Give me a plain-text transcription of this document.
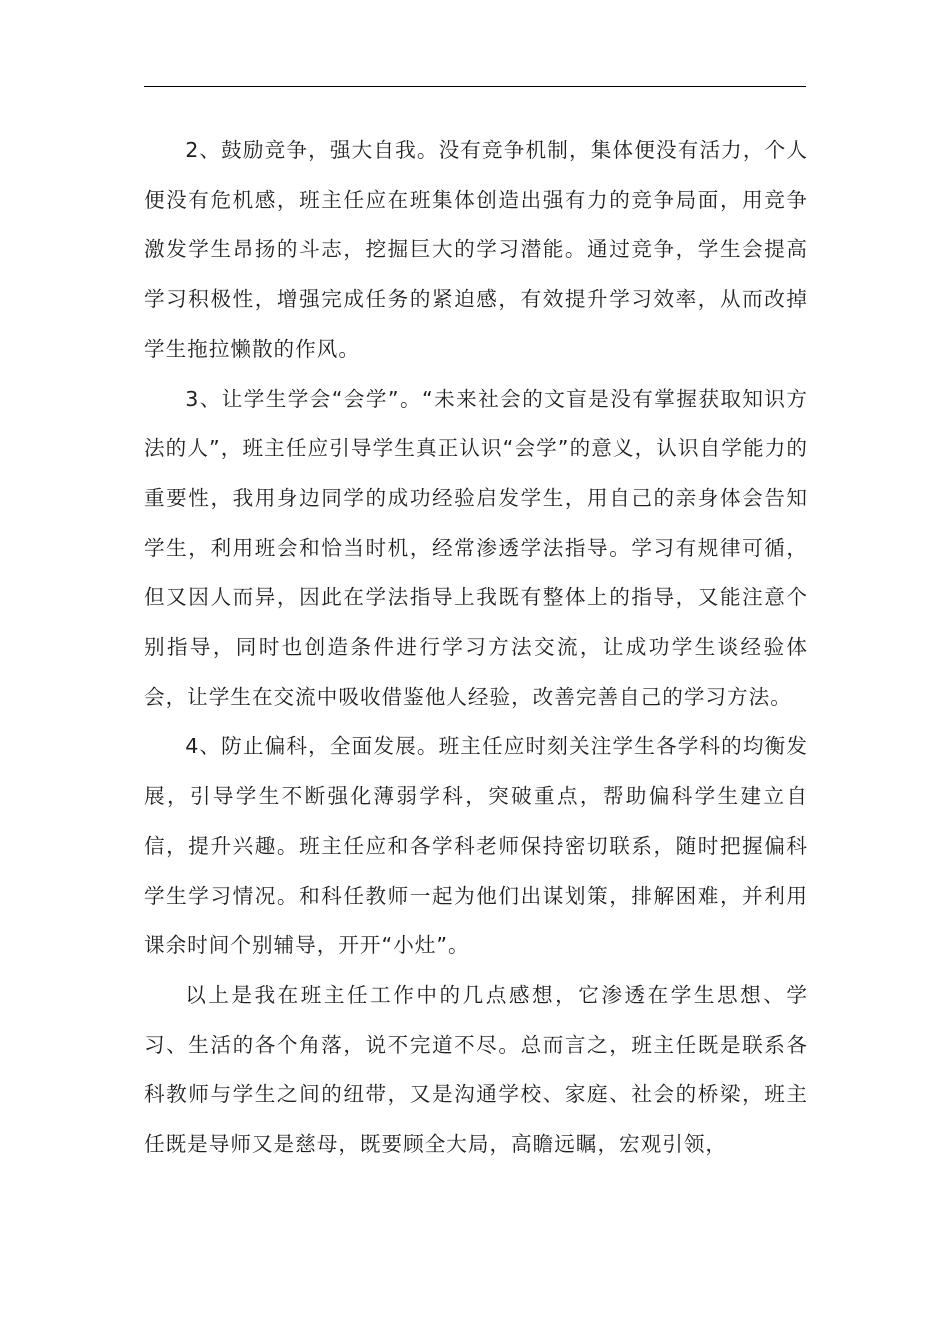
2、鼓励竞争，强大自我。没有竞争机制，集体便没有活力，个人便没有危机感，班主任应在班集体创造出强有力的竞争局面，用竞争激发学生昂扬的斗志，挖掘巨大的学习潜能。通过竞争，学生会提高学习积极性，增强完成任务的紧迫感，有效提升学习效率，从而改掉学生拖拉懒散的作风。

3、让学生学会“会学”。“未来社会的文盲是没有掌握获取知识方法的人”，班主任应引导学生真正认识“会学”的意义，认识自学能力的重要性，我用身边同学的成功经验启发学生，用自己的亲身体会告知学生，利用班会和恰当时机，经常渗透学法指导。学习有规律可循，但又因人而异，因此在学法指导上我既有整体上的指导，又能注意个别指导，同时也创造条件进行学习方法交流，让成功学生谈经验体会，让学生在交流中吸收借鉴他人经验，改善完善自己的学习方法。

4、防止偏科，全面发展。班主任应时刻关注学生各学科的均衡发展，引导学生不断强化薄弱学科，突破重点，帮助偏科学生建立自信，提升兴趣。班主任应和各学科老师保持密切联系，随时把握偏科学生学习情况。和科任教师一起为他们出谋划策，排解困难，并利用课余时间个别辅导，开开“小灶”。

以上是我在班主任工作中的几点感想，它渗透在学生思想、学习、生活的各个角落，说不完道不尽。总而言之，班主任既是联系各科教师与学生之间的纽带，又是沟通学校、家庭、社会的桥梁，班主任既是导师又是慈母，既要顾全大局，高瞻远瞩，宏观引领，
